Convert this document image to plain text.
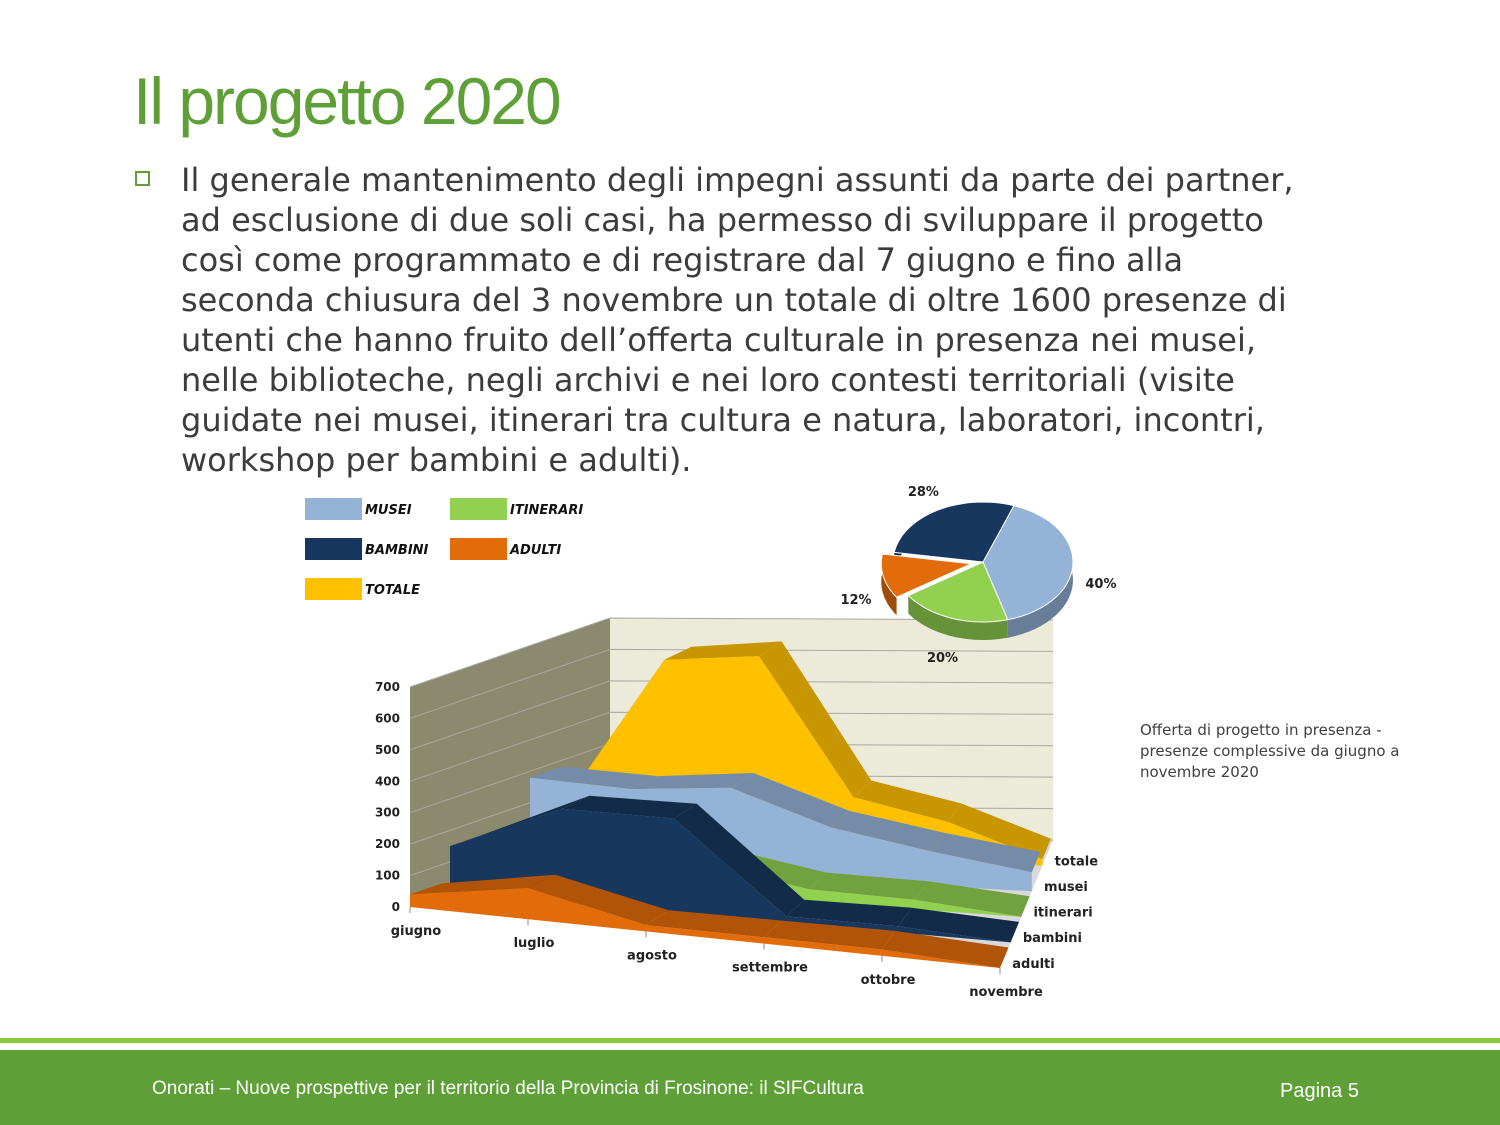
Il progetto 2020
Il generale mantenimento degli impegni assunti da parte dei partner,
ad esclusione di due soli casi, ha permesso di sviluppare il progetto
così come programmato e di registrare dal 7 giugno e fino alla
seconda chiusura del 3 novembre un totale di oltre 1600 presenze di
utenti che hanno fruito dell’offerta culturale in presenza nei musei,
nelle biblioteche, negli archivi e nei loro contesti territoriali (visite
guidate nei musei, itinerari tra cultura e natura, laboratori, incontri,
workshop per bambini e adulti).
0
100
200
300
400
500
600
700
giugno
luglio
agosto
settembre
ottobre
novembre
totale
musei
itinerari
bambini
adulti
MUSEI	ITINERARI
BAMBINI	ADULTI
TOTALE	40%
20%
12%
28%
Offerta di progetto in presenza -
presenze complessive da giugno a
novembre 2020
Onorati – Nuove prospettive per il territorio della Provincia di Frosinone: il SIFCultura	Pagina 5
